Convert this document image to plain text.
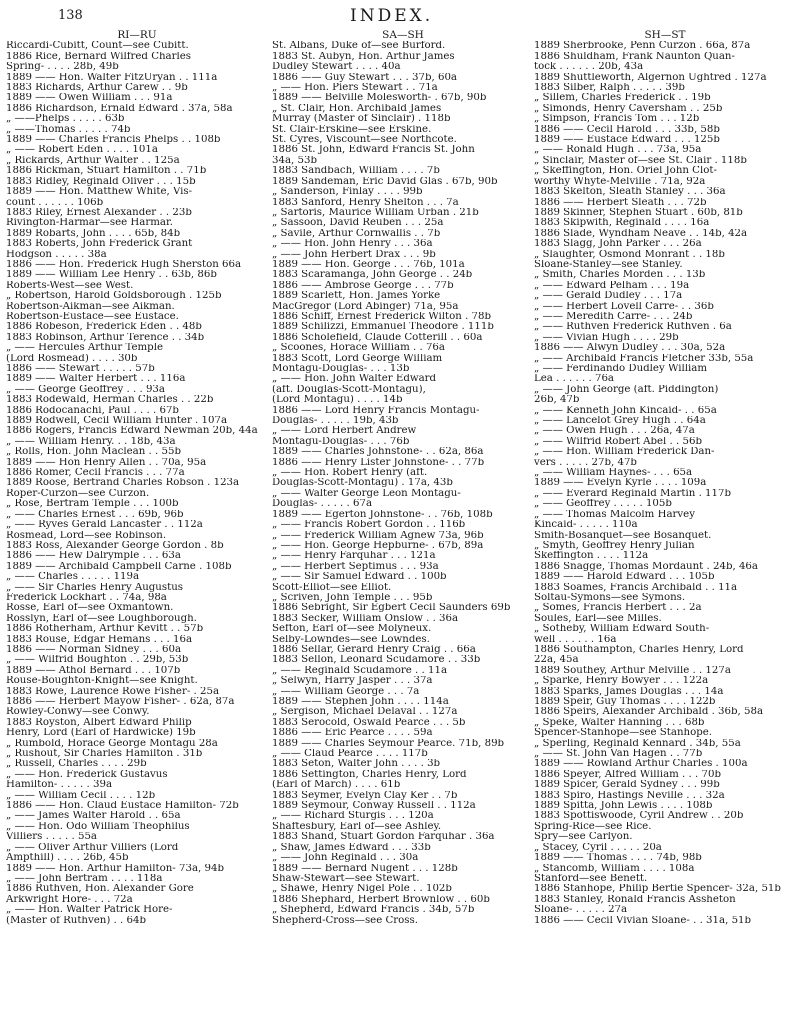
138	INDEX.
RI—RU
Riccardi-Cubitt, Count—see Cubitt.
1886 Rice, Bernard Wilfred Charles
Spring- . . . . 28b, 49b
1889 —— Hon. Walter FitzUryan . . 111a
1883 Richards, Arthur Carew . . 9b
1889 —— Owen William . . . 91a
1886 Richardson, Ernald Edward . 37a, 58a
„ ——Phelps . . . . . 63b
„ ——Thomas . . . . . 74b
1889 —— Charles Francis Phelps . . 108b
„ —— Robert Eden . . . . 101a
„ Rickards, Arthur Walter . . 125a
1886 Rickman, Stuart Hamilton . . 71b
1883 Ridley, Reginald Oliver . . . 15b
1889 —— Hon. Matthew White, Vis-
count . . . . . . 106b
1883 Riley, Ernest Alexander . . 23b
Rivington-Harmar—see Harmar.
1889 Robarts, John . . . . 65b, 84b
1883 Roberts, John Frederick Grant
Hodgson . . . . . 38a
1886 —— Hon. Frederick Hugh Sherston 66a
1889 —— William Lee Henry . . 63b, 86b
Roberts-West—see West.
„ Robertson, Harold Goldsborough . 125b
Robertson-Aikman—see Aikman.
Robertson-Eustace—see Eustace.
1886 Robeson, Frederick Eden . . 48b
1883 Robinson, Arthur Terence . . 34b
„ —— Hercules Arthur Temple
(Lord Rosmead) . . . . 30b
1886 —— Stewart . . . . . 57b
1889 —— Walter Herbert . . . 116a
„ —— George Geoffrey . . . 93a
1883 Rodewald, Herman Charles . . 22b
1886 Rodocanachi, Paul . . . . 67b
1889 Rodwell, Cecil William Hunter . 107a
1886 Rogers, Francis Edward Newman 20b, 44a
„ —— William Henry. . . 18b, 43a
„ Rolls, Hon. John Maclean . . 55b
1889 —— Hon Henry Allen . . 70a, 95a
1886 Romer, Cecil Francis . . . 77a
1889 Roose, Bertrand Charles Robson . 123a
Roper-Curzon—see Curzon.
„ Rose, Bertram Temple . . . 100b
„ —— Charles Ernest . . . 69b, 96b
„ —— Ryves Gerald Lancaster . . 112a
Rosmead, Lord—see Robinson.
1883 Ross, Alexander George Gordon . 8b
1886 —— Hew Dalrymple . . . 63a
1889 —— Archibald Campbell Carne . 108b
„ —— Charles . . . . . 119a
„ —— Sir Charles Henry Augustus
Frederick Lockhart . . 74a, 98a
Rosse, Earl of—see Oxmantown.
Rosslyn, Earl of—see Loughborough.
1886 Rotherham, Arthur Kevitt . . 57b
1883 Rouse, Edgar Hemans . . . 16a
1886 —— Norman Sidney . . . 60a
„ —— Wilfrid Boughton . . 29b, 53b
1889 —— Athol Bernard . . . 107b
Rouse-Boughton-Knight—see Knight.
1883 Rowe, Laurence Rowe Fisher- . 25a
1886 —— Herbert Mayow Fisher- . 62a, 87a
Rowley-Conwy—see Conwy.
1883 Royston, Albert Edward Philip
Henry, Lord (Earl of Hardwicke) 19b
„ Rumbold, Horace George Montagu 28a
„ Rushout, Sir Charles Hamilton . 31b
„ Russell, Charles . . . . 29b
„ —— Hon. Frederick Gustavus
Hamilton- . . . . . 39a
„ —— William Cecil . . . . 12b
1886 —— Hon. Claud Eustace Hamilton- 72b
„ —— James Walter Harold . . 65a
„ —— Hon. Odo William Theophilus
Villiers . . . . . 55a
„ —— Oliver Arthur Villiers (Lord
Ampthill) . . . . 26b, 45b
1889 —— Hon. Arthur Hamilton- 73a, 94b
„ —— John Bertram . . . . 118a
1886 Ruthven, Hon. Alexander Gore
Arkwright Hore- . . . 72a
„ —— Hon. Walter Patrick Hore-
(Master of Ruthven) . . 64b
SA—SH
St. Albans, Duke of—see Burford.
1883 St. Aubyn, Hon. Arthur James
Dudley Stewart . . . . 40a
1886 —— Guy Stewart . . . 37b, 60a
„ —— Hon. Piers Stewart . . 71a
1889 —— Belville Molesworth- . 67b, 90b
„ St. Clair, Hon. Archibald James
Murray (Master of Sinclair) . 118b
St. Clair-Erskine—see Erskine.
St. Cyres, Viscount—see Northcote.
1886 St. John, Edward Francis St. John
34a, 53b
1883 Sandbach, William . . . . 7b
1889 Sandeman, Eric David Glas . 67b, 90b
„ Sanderson, Finlay . . . . 99b
1883 Sanford, Henry Shelton . . . 7a
„ Sartoris, Maurice William Urban . 21b
„ Sassoon, David Reuben . . . 25a
„ Savile, Arthur Cornwallis . . 7b
„ —— Hon. John Henry . . . 36a
„ —— John Herbert Drax . . . 9b
1889 —— Hon. George . . . 76b, 101a
1883 Scaramanga, John George . . 24b
1886 —— Ambrose George . . . 77b
1889 Scarlett, Hon. James Yorke
MacGregor (Lord Abinger) 71a, 95a
1886 Schiff, Ernest Frederick Wilton . 78b
1889 Schilizzi, Emmanuel Theodore . 111b
1886 Scholefield, Claude Cotterill . . 60a
„ Scoones, Horace William . . 76a
1883 Scott, Lord George William
Montagu-Douglas- . . . 13b
„ —— Hon. John Walter Edward
(aft. Douglas-Scott-Montagu),
(Lord Montagu) . . . . 14b
1886 —— Lord Henry Francis Montagu-
Douglas- . . . . . 19b, 43b
„ —— Lord Herbert Andrew
Montagu-Douglas- . . . 76b
1889 —— Charles Johnstone- . . 62a, 86a
1886 —— Henry Lister Johnstone- . . 77b
„ —— Hon. Robert Henry (aft.
Douglas-Scott-Montagu) . 17a, 43b
„ —— Walter George Leon Montagu-
Douglas- . . . . . 67a
1889 —— Egerton Johnstone- . . 76b, 108b
„ —— Francis Robert Gordon . . 116b
„ —— Frederick William Agnew 73a, 96b
„ —— Hon. George Hepburne- . 67b, 89a
„ —— Henry Farquhar . . . 121a
„ —— Herbert Septimus . . . 93a
„ —— Sir Samuel Edward . . 100b
Scott-Elliot—see Elliot.
„ Scriven, John Temple . . . 95b
1886 Sebright, Sir Egbert Cecil Saunders 69b
1883 Secker, William Onslow . . 36a
Sefton, Earl of—see Molyneux.
Selby-Lowndes—see Lowndes.
1886 Sellar, Gerard Henry Craig . . 66a
1883 Sellon, Leonard Scudamore . . 33b
„ —— Reginald Scudamore . . 11a
„ Selwyn, Harry Jasper . . . 37a
„ —— William George . . . 7a
1889 —— Stephen John . . . . 114a
„ Sergison, Michael Delaval . . 127a
1883 Serocold, Oswald Pearce . . . 5b
1886 —— Eric Pearce . . . . 59a
1889 —— Charles Seymour Pearce. 71b, 89b
„ —— Claud Pearce . . . . 117b
1883 Seton, Walter John . . . . 3b
1886 Settington, Charles Henry, Lord
(Earl of March) . . . . 61b
1883 Seymer, Evelyn Clay Ker . . 7b
1889 Seymour, Conway Russell . . 112a
„ —— Richard Sturgis . . . 120a
Shaftesbury, Earl of—see Ashley.
1883 Shand, Stuart Gordon Farquhar . 36a
„ Shaw, James Edward . . . 33b
„ —— John Reginald . . . 30a
1889 —— Bernard Nugent . . . 128b
Shaw-Stewart—see Stewart.
„ Shawe, Henry Nigel Pole . . 102b
1886 Shephard, Herbert Brownlow . . 60b
„ Shepherd, Edward Francis . 34b, 57b
Shepherd-Cross—see Cross.
SH—ST
1889 Sherbrooke, Penn Curzon . 66a, 87a
1886 Shuldham, Frank Naunton Quan-
tock . . . . . . 20b, 43a
1889 Shuttleworth, Algernon Ughtred . 127a
1883 Silber, Ralph . . . . . 39b
„ Sillem, Charles Frederick . . 19b
„ Simonds, Henry Caversham . . 25b
„ Simpson, Francis Tom . . . 12b
1886 —— Cecil Harold . . . 33b, 58b
1889 —— Eustace Edward . . . 125b
„ —— Ronald Hugh . . . 73a, 95a
„ Sinclair, Master of—see St. Clair . 118b
„ Skeffington, Hon. Oriel John Clot-
worthy Whyte-Melville . 71a, 92a
1883 Skelton, Sleath Stanley . . . 36a
1886 —— Herbert Sleath . . . 72b
1889 Skinner, Stephen Stuart . 60b, 81b
1883 Skipwith, Reginald . . . . 16a
1886 Slade, Wyndham Neave . . 14b, 42a
1883 Slagg, John Parker . . . 26a
„ Slaughter, Osmond Monrant . . 18b
Sloane-Stanley—see Stanley.
„ Smith, Charles Morden . . . 13b
„ —— Edward Pelham . . . 19a
„ —— Gerald Dudley . . . 17a
„ —— Herbert Lovell Carre- . . 36b
„ —— Meredith Carre- . . . 24b
„ —— Ruthven Frederick Ruthven . 6a
„ —— Vivian Hugh . . . . 29b
1886 —— Alwyn Dudley . . . 30a, 52a
„ —— Archibald Francis Fletcher 33b, 55a
„ —— Ferdinando Dudley William
Lea . . . . . . 76a
„ —— John George (aft. Piddington)
26b, 47b
„ —— Kenneth John Kincaid- . . 65a
„ —— Lancelot Grey Hugh . . 64a
„ —— Owen Hugh . . . 26a, 47a
„ —— Wilfrid Robert Abel . . 56b
„ —— Hon. William Frederick Dan-
vers . . . . . 27b, 47b
„ —— William Haynes- . . . 65a
1889 —— Evelyn Kyrle . . . . 109a
„ —— Everard Reginald Martin . 117b
„ —— Geoffrey . . . . . 105b
„ —— Thomas Malcolm Harvey
Kincaid- . . . . . 110a
Smith-Bosanquet—see Bosanquet.
„ Smyth, Geoffrey Henry Julian
Skeffington . . . . 112a
1886 Snagge, Thomas Mordaunt . 24b, 46a
1889 —— Harold Edward . . . 105b
1883 Soames, Francis Archibald . . 11a
Soltau-Symons—see Symons.
„ Somes, Francis Herbert . . . 2a
Soules, Earl—see Milles.
„ Sotheby, William Edward South-
well . . . . . . 16a
1886 Southampton, Charles Henry, Lord
22a, 45a
1889 Southey, Arthur Melville . . 127a
„ Sparke, Henry Bowyer . . . 122a
1883 Sparks, James Douglas . . . 14a
1889 Speir, Guy Thomas . . . . 122b
1886 Speirs, Alexander Archibald . 36b, 58a
„ Speke, Walter Hanning . . . 68b
Spencer-Stanhope—see Stanhope.
„ Sperling, Reginald Kennard . 34b, 55a
„ —— St. John Van Hagen . . 77b
1889 —— Rowland Arthur Charles . 100a
1886 Speyer, Alfred William . . . 70b
1889 Spicer, Gerald Sydney . . . 99b
1883 Spiro, Hastings Neville . . . 32a
1889 Spitta, John Lewis . . . . 108b
1883 Spottiswoode, Cyril Andrew . . 20b
Spring-Rice—see Rice.
Spry—see Carlyon.
„ Stacey, Cyril . . . . . 20a
1889 —— Thomas . . . . 74b, 98b
„ Stancomb, William . . . . 108a
Stanford—see Benett.
1886 Stanhope, Philip Bertie Spencer- 32a, 51b
1883 Stanley, Ronald Francis Assheton
Sloane- . . . . . 27a
1886 —— Cecil Vivian Sloane- . . 31a, 51b
